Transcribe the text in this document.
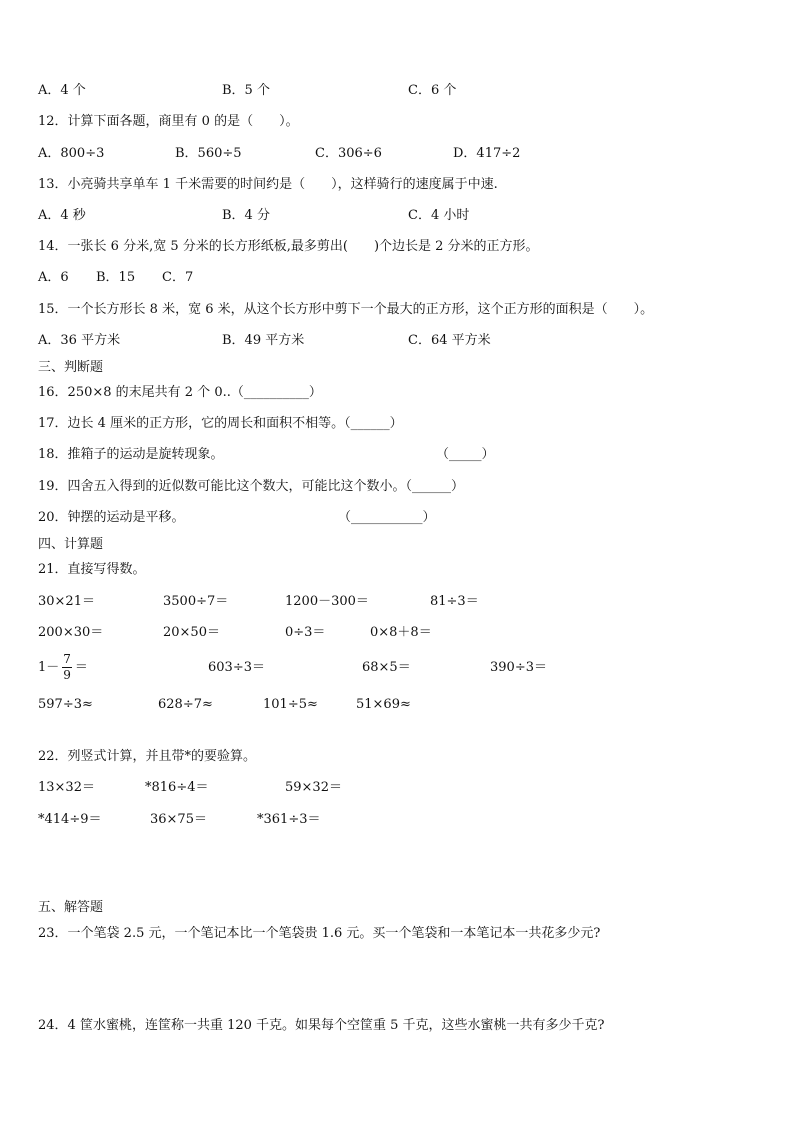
A．4 个	B．5 个	C．6 个
12．计算下面各题，商里有 0 的是（　　）。
A．800÷3	B．560÷5	C．306÷6	D．417÷2
13．小亮骑共享单车 1 千米需要的时间约是（　　），这样骑行的速度属于中速.
A．4 秒	B．4 分	C．4 小时
14．一张长 6 分米,宽 5 分米的长方形纸板,最多剪出(　　)个边长是 2 分米的正方形。
A．6 B．15 C．7
15．一个长方形长 8 米，宽 6 米，从这个长方形中剪下一个最大的正方形，这个正方形的面积是（　　）。
A．36 平方米	B．49 平方米	C．64 平方米
三、判断题
16．250×8 的末尾共有 2 个 0..（__________）
17．边长 4 厘米的正方形，它的周长和面积不相等。（______）
18．推箱子的运动是旋转现象。	（_____）
19．四舍五入得到的近似数可能比这个数大，可能比这个数小。（______）
20．钟摆的运动是平移。	（___________）
四、计算题
21．直接写得数。
30×21＝	3500÷7＝	1200－300＝	81÷3＝
200×30＝	20×50＝	0÷3＝	0×8＋8＝
$1- \frac{7}{9}$ ＝	603÷3＝	68×5＝	390÷3＝
597÷3≈	628÷7≈	101÷5≈	51×69≈
22．列竖式计算，并且带*的要验算。
13×32＝	*816÷4＝	59×32＝
*414÷9＝	36×75＝	*361÷3＝
五、解答题
23．一个笔袋 2.5 元，一个笔记本比一个笔袋贵 1.6 元。买一个笔袋和一本笔记本一共花多少元?
24．4 筐水蜜桃，连筐称一共重 120 千克。如果每个空筐重 5 千克，这些水蜜桃一共有多少千克?
